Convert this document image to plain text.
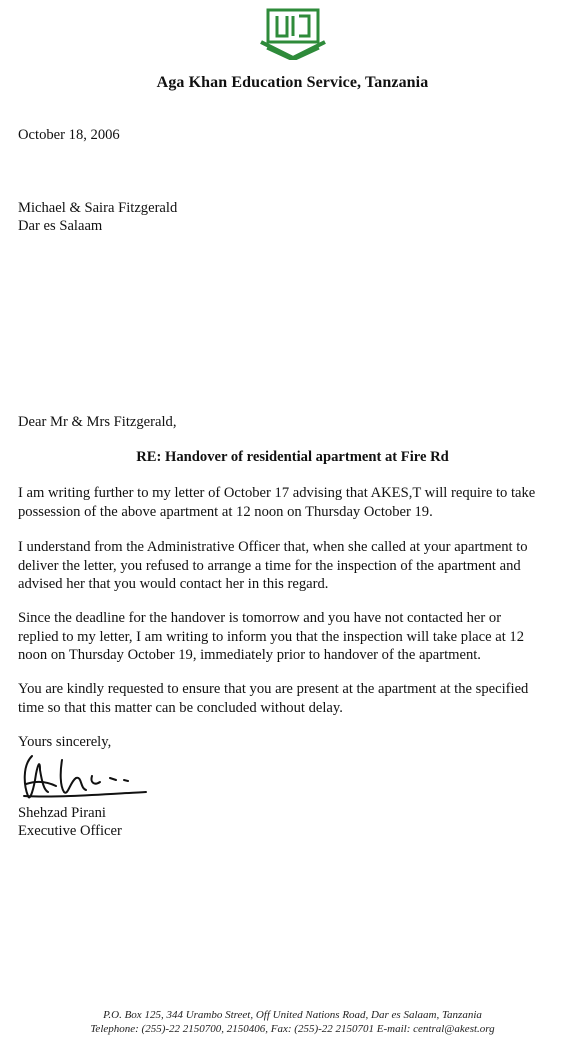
Aga Khan Education Service, Tanzania
October 18, 2006
Michael & Saira Fitzgerald
Dar es Salaam
Dear Mr & Mrs Fitzgerald,
RE: Handover of residential apartment at Fire Rd
I am writing further to my letter of October 17 advising that AKES,T will require to take
possession of the above apartment at 12 noon on Thursday October 19.
I understand from the Administrative Officer that, when she called at your apartment to
deliver the letter, you refused to arrange a time for the inspection of the apartment and
advised her that you would contact her in this regard.
Since the deadline for the handover is tomorrow and you have not contacted her or
replied to my letter, I am writing to inform you that the inspection will take place at 12
noon on Thursday October 19, immediately prior to handover of the apartment.
You are kindly requested to ensure that you are present at the apartment at the specified
time so that this matter can be concluded without delay.
Yours sincerely,
Shehzad Pirani
Executive Officer
P.O. Box 125, 344 Urambo Street, Off United Nations Road, Dar es Salaam, Tanzania
Telephone: (255)-22 2150700, 2150406, Fax: (255)-22 2150701 E-mail: central@akest.org
